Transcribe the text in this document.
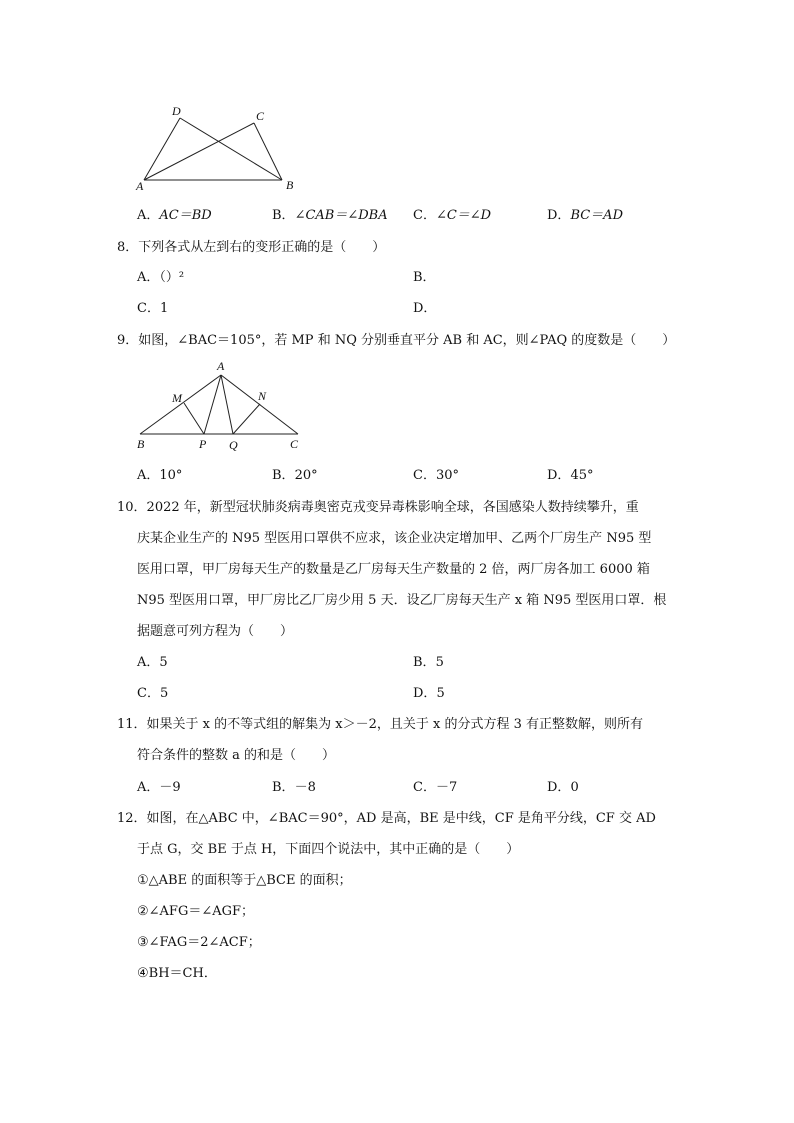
D	C
A	B
A．AC＝BD	B．∠CAB＝∠DBA C．∠C＝∠D	D．BC＝AD
8．下列各式从左到右的变形正确的是（　　）
A．（）²	B．
C．1	D．
9．如图，∠BAC＝105°，若 MP 和 NQ 分别垂直平分 AB 和 AC，则∠PAQ 的度数是（　　）
A
M	N
B	P Q	C
A．10°	B．20°	C．30°	D．45°
10．2022 年，新型冠状肺炎病毒奥密克戎变异毒株影响全球，各国感染人数持续攀升，重
庆某企业生产的 N95 型医用口罩供不应求，该企业决定增加甲、乙两个厂房生产 N95 型
医用口罩，甲厂房每天生产的数量是乙厂房每天生产数量的 2 倍，两厂房各加工 6000 箱
N95 型医用口罩，甲厂房比乙厂房少用 5 天．设乙厂房每天生产 x 箱 N95 型医用口罩．根
据题意可列方程为（　　）
A．5	B．5
C．5	D．5
11．如果关于 x 的不等式组的解集为 x＞－2，且关于 x 的分式方程 3 有正整数解，则所有
符合条件的整数 a 的和是（　　）
A．－9	B．－8	C．－7	D．0
12．如图，在△ABC 中，∠BAC＝90°，AD 是高，BE 是中线，CF 是角平分线，CF 交 AD
于点 G，交 BE 于点 H，下面四个说法中，其中正确的是（　　）
①△ABE 的面积等于△BCE 的面积；
②∠AFG＝∠AGF；
③∠FAG＝2∠ACF；
④BH＝CH．
